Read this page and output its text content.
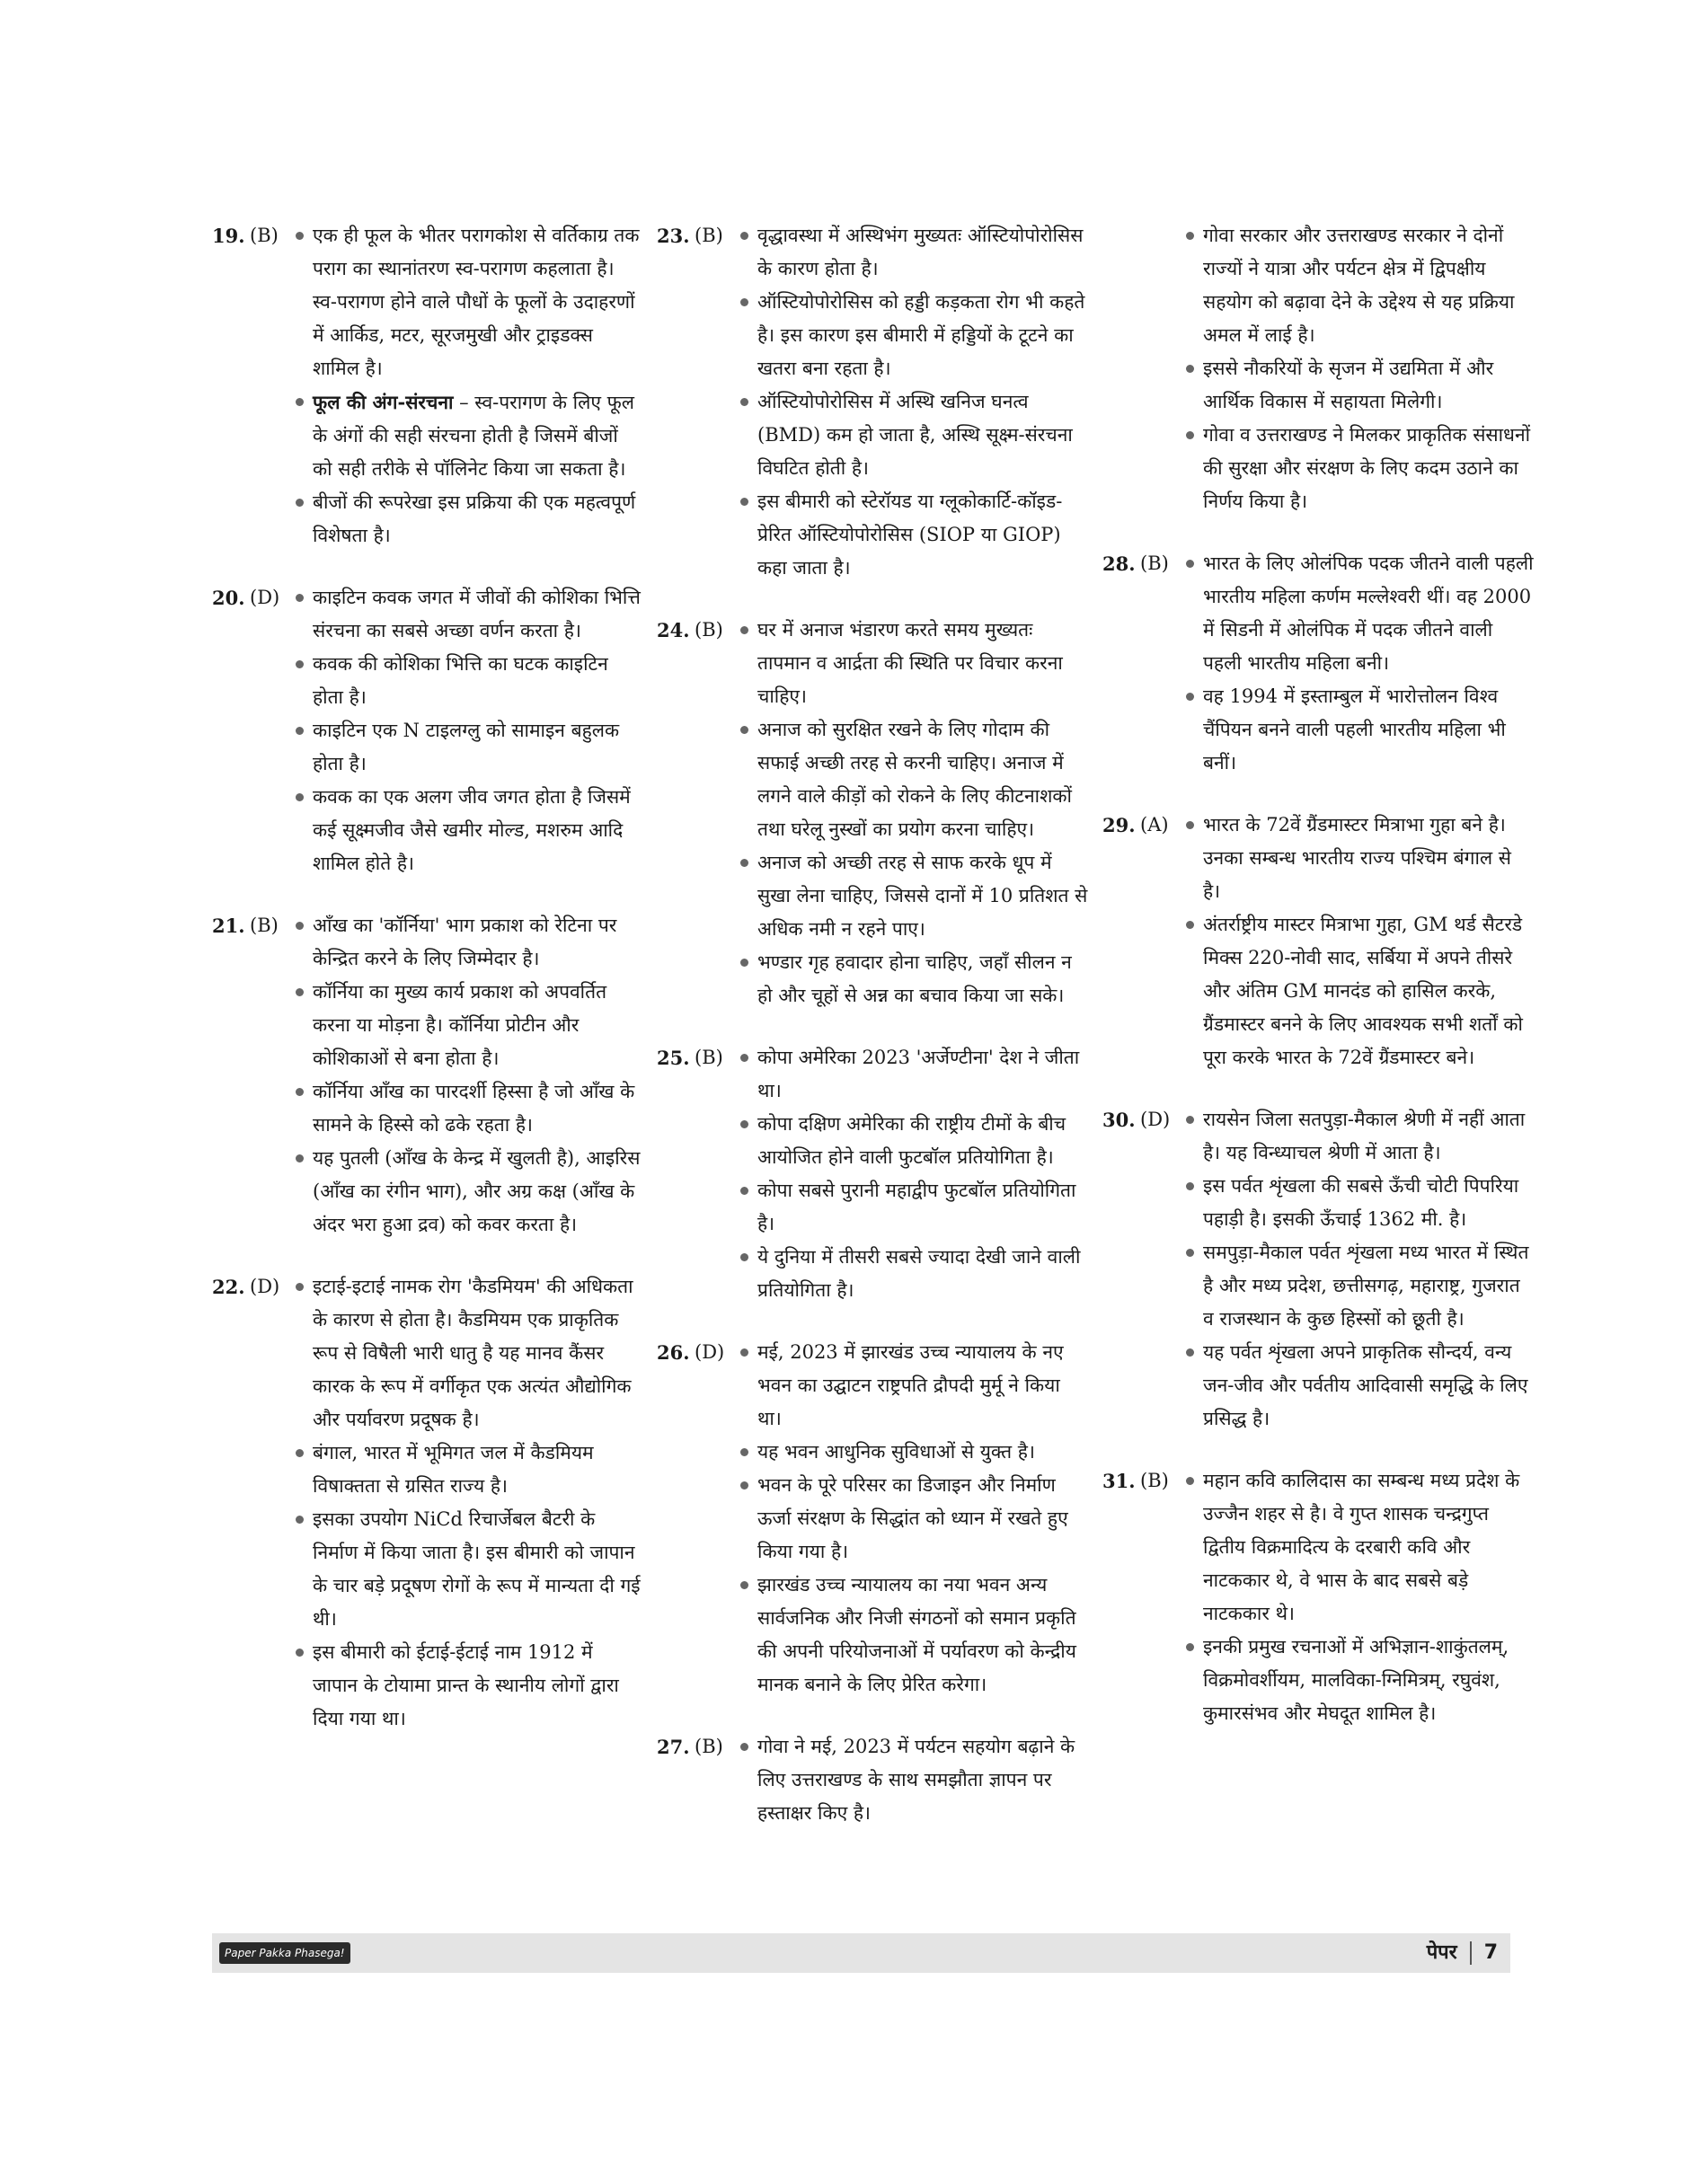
19. (B)	एक ही फूल के भीतर परागकोश से वर्तिकाग्र तक पराग का स्थानांतरण स्व-परागण कहलाता है। स्व-परागण होने वाले पौधों के फूलों के उदाहरणों में आर्किड, मटर, सूरजमुखी और ट्राइडक्स शामिल है।
फूल की अंग-संरचना – स्व-परागण के लिए फूल के अंगों की सही संरचना होती है जिसमें बीजों को सही तरीके से पॉलिनेट किया जा सकता है।
बीजों की रूपरेखा इस प्रक्रिया की एक महत्वपूर्ण विशेषता है।
20. (D)	काइटिन कवक जगत में जीवों की कोशिका भित्ति संरचना का सबसे अच्छा वर्णन करता है।
कवक की कोशिका भित्ति का घटक काइटिन होता है।
काइटिन एक N टाइलग्लु को सामाइन बहुलक होता है।
कवक का एक अलग जीव जगत होता है जिसमें कई सूक्ष्मजीव जैसे खमीर मोल्ड, मशरुम आदि शामिल होते है।
21. (B)	आँख का 'कॉर्निया' भाग प्रकाश को रेटिना पर केन्द्रित करने के लिए जिम्मेदार है।
कॉर्निया का मुख्य कार्य प्रकाश को अपवर्तित करना या मोड़ना है। कॉर्निया प्रोटीन और कोशिकाओं से बना होता है।
कॉर्निया आँख का पारदर्शी हिस्सा है जो आँख के सामने के हिस्से को ढके रहता है।
यह पुतली (आँख के केन्द्र में खुलती है), आइरिस (आँख का रंगीन भाग), और अग्र कक्ष (आँख के अंदर भरा हुआ द्रव) को कवर करता है।
22. (D)	इटाई-इटाई नामक रोग 'कैडमियम' की अधिकता के कारण से होता है। कैडमियम एक प्राकृतिक रूप से विषैली भारी धातु है यह मानव कैंसर कारक के रूप में वर्गीकृत एक अत्यंत औद्योगिक और पर्यावरण प्रदूषक है।
बंगाल, भारत में भूमिगत जल में कैडमियम विषाक्तता से ग्रसित राज्य है।
इसका उपयोग NiCd रिचार्जेबल बैटरी के निर्माण में किया जाता है। इस बीमारी को जापान के चार बड़े प्रदूषण रोगों के रूप में मान्यता दी गई थी।
इस बीमारी को ईटाई-ईटाई नाम 1912 में जापान के टोयामा प्रान्त के स्थानीय लोगों द्वारा दिया गया था।
23. (B)	वृद्धावस्था में अस्थिभंग मुख्यतः ऑस्टियोपोरोसिस के कारण होता है।
ऑस्टियोपोरोसिस को हड्डी कड़कता रोग भी कहते है। इस कारण इस बीमारी में हड्डियों के टूटने का खतरा बना रहता है।
ऑस्टियोपोरोसिस में अस्थि खनिज घनत्व (BMD) कम हो जाता है, अस्थि सूक्ष्म-संरचना विघटित होती है।
इस बीमारी को स्टेरॉयड या ग्लूकोकार्टि-कॉइड-प्रेरित ऑस्टियोपोरोसिस (SIOP या GIOP) कहा जाता है।
24. (B)	घर में अनाज भंडारण करते समय मुख्यतः तापमान व आर्द्रता की स्थिति पर विचार करना चाहिए।
अनाज को सुरक्षित रखने के लिए गोदाम की सफाई अच्छी तरह से करनी चाहिए। अनाज में लगने वाले कीड़ों को रोकने के लिए कीटनाशकों तथा घरेलू नुस्खों का प्रयोग करना चाहिए।
अनाज को अच्छी तरह से साफ करके धूप में सुखा लेना चाहिए, जिससे दानों में 10 प्रतिशत से अधिक नमी न रहने पाए।
भण्डार गृह हवादार होना चाहिए, जहाँ सीलन न हो और चूहों से अन्न का बचाव किया जा सके।
25. (B)	कोपा अमेरिका 2023 'अर्जेण्टीना' देश ने जीता था।
कोपा दक्षिण अमेरिका की राष्ट्रीय टीमों के बीच आयोजित होने वाली फुटबॉल प्रतियोगिता है।
कोपा सबसे पुरानी महाद्वीप फुटबॉल प्रतियोगिता है।
ये दुनिया में तीसरी सबसे ज्यादा देखी जाने वाली प्रतियोगिता है।
26. (D)	मई, 2023 में झारखंड उच्च न्यायालय के नए भवन का उद्घाटन राष्ट्रपति द्रौपदी मुर्मू ने किया था।
यह भवन आधुनिक सुविधाओं से युक्त है।
भवन के पूरे परिसर का डिजाइन और निर्माण ऊर्जा संरक्षण के सिद्धांत को ध्यान में रखते हुए किया गया है।
झारखंड उच्च न्यायालय का नया भवन अन्य सार्वजनिक और निजी संगठनों को समान प्रकृति की अपनी परियोजनाओं में पर्यावरण को केन्द्रीय मानक बनाने के लिए प्रेरित करेगा।
27. (B)	गोवा ने मई, 2023 में पर्यटन सहयोग बढ़ाने के लिए उत्तराखण्ड के साथ समझौता ज्ञापन पर हस्ताक्षर किए है।
गोवा सरकार और उत्तराखण्ड सरकार ने दोनों राज्यों ने यात्रा और पर्यटन क्षेत्र में द्विपक्षीय सहयोग को बढ़ावा देने के उद्देश्य से यह प्रक्रिया अमल में लाई है।
इससे नौकरियों के सृजन में उद्यमिता में और आर्थिक विकास में सहायता मिलेगी।
गोवा व उत्तराखण्ड ने मिलकर प्राकृतिक संसाधनों की सुरक्षा और संरक्षण के लिए कदम उठाने का निर्णय किया है।
28. (B)	भारत के लिए ओलंपिक पदक जीतने वाली पहली भारतीय महिला कर्णम मल्लेश्वरी थीं। वह 2000 में सिडनी में ओलंपिक में पदक जीतने वाली पहली भारतीय महिला बनी।
वह 1994 में इस्ताम्बुल में भारोत्तोलन विश्व चैंपियन बनने वाली पहली भारतीय महिला भी बनीं।
29. (A)	भारत के 72वें ग्रैंडमास्टर मित्राभा गुहा बने है। उनका सम्बन्ध भारतीय राज्य पश्चिम बंगाल से है।
अंतर्राष्ट्रीय मास्टर मित्राभा गुहा, GM थर्ड सैटरडे मिक्स 220-नोवी साद, सर्बिया में अपने तीसरे और अंतिम GM मानदंड को हासिल करके, ग्रैंडमास्टर बनने के लिए आवश्यक सभी शर्तों को पूरा करके भारत के 72वें ग्रैंडमास्टर बने।
30. (D)	रायसेन जिला सतपुड़ा-मैकाल श्रेणी में नहीं आता है। यह विन्ध्याचल श्रेणी में आता है।
इस पर्वत शृंखला की सबसे ऊँची चोटी पिपरिया पहाड़ी है। इसकी ऊँचाई 1362 मी. है।
समपुड़ा-मैकाल पर्वत शृंखला मध्य भारत में स्थित है और मध्य प्रदेश, छत्तीसगढ़, महाराष्ट्र, गुजरात व राजस्थान के कुछ हिस्सों को छूती है।
यह पर्वत शृंखला अपने प्राकृतिक सौन्दर्य, वन्य जन-जीव और पर्वतीय आदिवासी समृद्धि के लिए प्रसिद्ध है।
31. (B)	महान कवि कालिदास का सम्बन्ध मध्य प्रदेश के उज्जैन शहर से है। वे गुप्त शासक चन्द्रगुप्त द्वितीय विक्रमादित्य के दरबारी कवि और नाटककार थे, वे भास के बाद सबसे बड़े नाटककार थे।
इनकी प्रमुख रचनाओं में अभिज्ञान-शाकुंतलम्, विक्रमोवर्शीयम, मालविका-ग्निमित्रम्, रघुवंश, कुमारसंभव और मेघदूत शामिल है।
Paper Pakka Phasega!	पेपर 7
